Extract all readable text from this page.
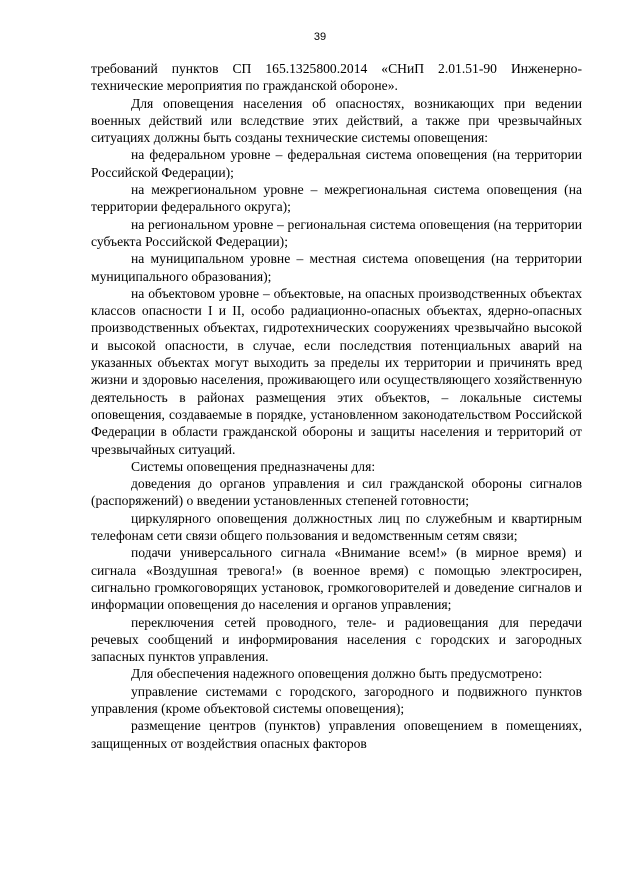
39

требований пунктов СП 165.1325800.2014 «СНиП 2.01.51-90 Инженерно-технические мероприятия по гражданской обороне».

Для оповещения населения об опасностях, возникающих при ведении военных действий или вследствие этих действий, а также при чрезвычайных ситуациях должны быть созданы технические системы оповещения:

на федеральном уровне – федеральная система оповещения (на территории Российской Федерации);

на межрегиональном уровне – межрегиональная система оповещения (на территории федерального округа);

на региональном уровне – региональная система оповещения (на территории субъекта Российской Федерации);

на муниципальном уровне – местная система оповещения (на территории муниципального образования);

на объектовом уровне – объектовые, на опасных производственных объектах классов опасности I и II, особо радиационно-опасных объектах, ядерно-опасных производственных объектах, гидротехнических сооружениях чрезвычайно высокой и высокой опасности, в случае, если последствия потенциальных аварий на указанных объектах могут выходить за пределы их территории и причинять вред жизни и здоровью населения, проживающего или осуществляющего хозяйственную деятельность в районах размещения этих объектов, – локальные системы оповещения, создаваемые в порядке, установленном законодательством Российской Федерации в области гражданской обороны и защиты населения и территорий от чрезвычайных ситуаций.

Системы оповещения предназначены для:

доведения до органов управления и сил гражданской обороны сигналов (распоряжений) о введении установленных степеней готовности;

циркулярного оповещения должностных лиц по служебным и квартирным телефонам сети связи общего пользования и ведомственным сетям связи;

подачи универсального сигнала «Внимание всем!» (в мирное время) и сигнала «Воздушная тревога!» (в военное время) с помощью электросирен, сигнально громкоговорящих установок, громкоговорителей и доведение сигналов и информации оповещения до населения и органов управления;

переключения сетей проводного, теле- и радиовещания для передачи речевых сообщений и информирования населения с городских и загородных запасных пунктов управления.

Для обеспечения надежного оповещения должно быть предусмотрено:

управление системами с городского, загородного и подвижного пунктов управления (кроме объектовой системы оповещения);

размещение центров (пунктов) управления оповещением в помещениях, защищенных от воздействия опасных факторов
